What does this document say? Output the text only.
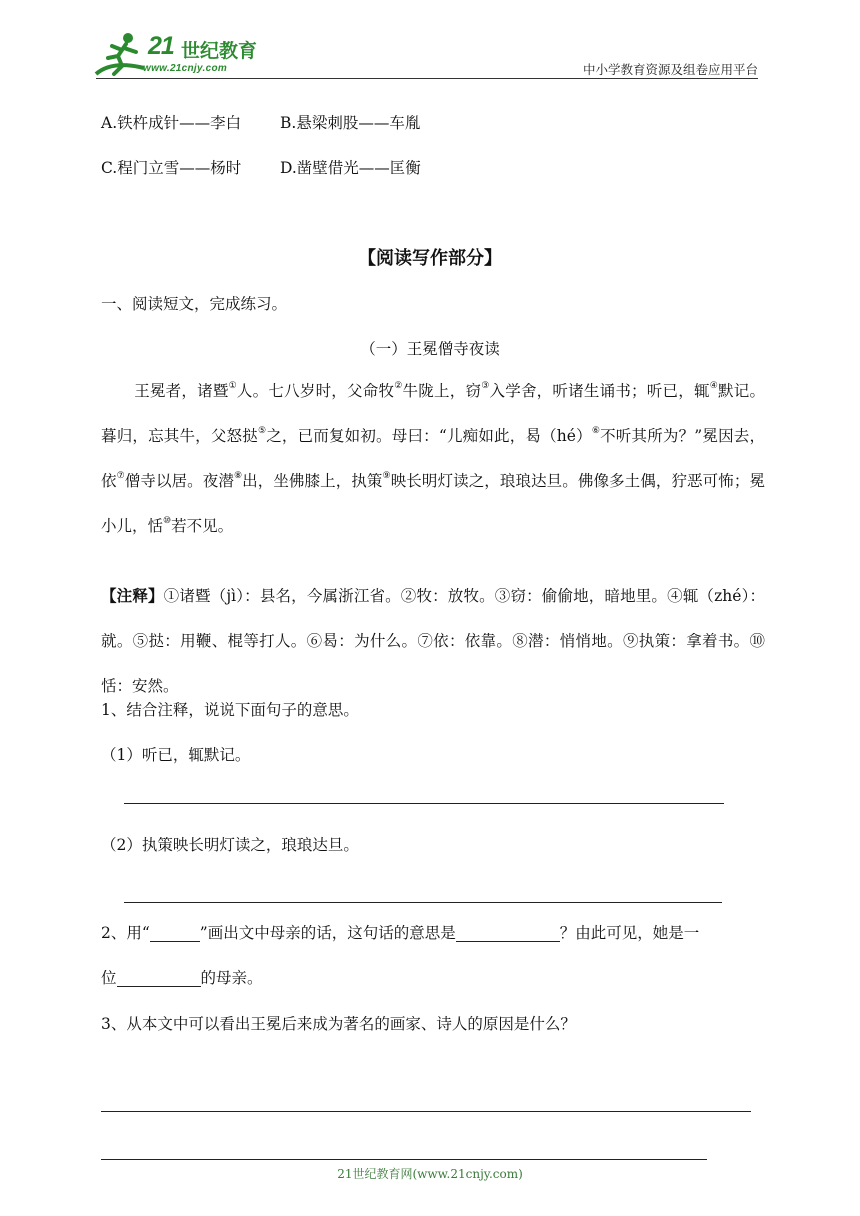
21 世纪教育
www.21cnjy.com	中小学教育资源及组卷应用平台
A.铁杵成针——李白	B.悬梁刺股——车胤
C.程门立雪——杨时	D.凿壁借光——匡衡
【阅读写作部分】
一、阅读短文，完成练习。
（一）王冕僧寺夜读
王冕者，诸暨①人。七八岁时，父命牧②牛陇上，窃③入学舍，听诸生诵书；听已，辄④默记。暮归，忘其牛，父怒挞⑤之，已而复如初。母曰：“儿痴如此，曷（hé）⑥不听其所为？”冕因去，依⑦僧寺以居。夜潜⑧出，坐佛膝上，执策⑨映长明灯读之，琅琅达旦。佛像多土偶，狞恶可怖；冕小儿，恬⑩若不见。
【注释】①诸暨（jì）：县名，今属浙江省。②牧：放牧。③窃：偷偷地，暗地里。④辄（zhé）：就。⑤挞：用鞭、棍等打人。⑥曷：为什么。⑦依：依靠。⑧潜：悄悄地。⑨执策：拿着书。⑩恬：安然。
1、结合注释，说说下面句子的意思。
（1）听已，辄默记。
（2）执策映长明灯读之，琅琅达旦。
2、用“	”画出文中母亲的话，这句话的意思是	？由此可见，她是一
位	的母亲。
3、从本文中可以看出王冕后来成为著名的画家、诗人的原因是什么？
21世纪教育网(www.21cnjy.com)
